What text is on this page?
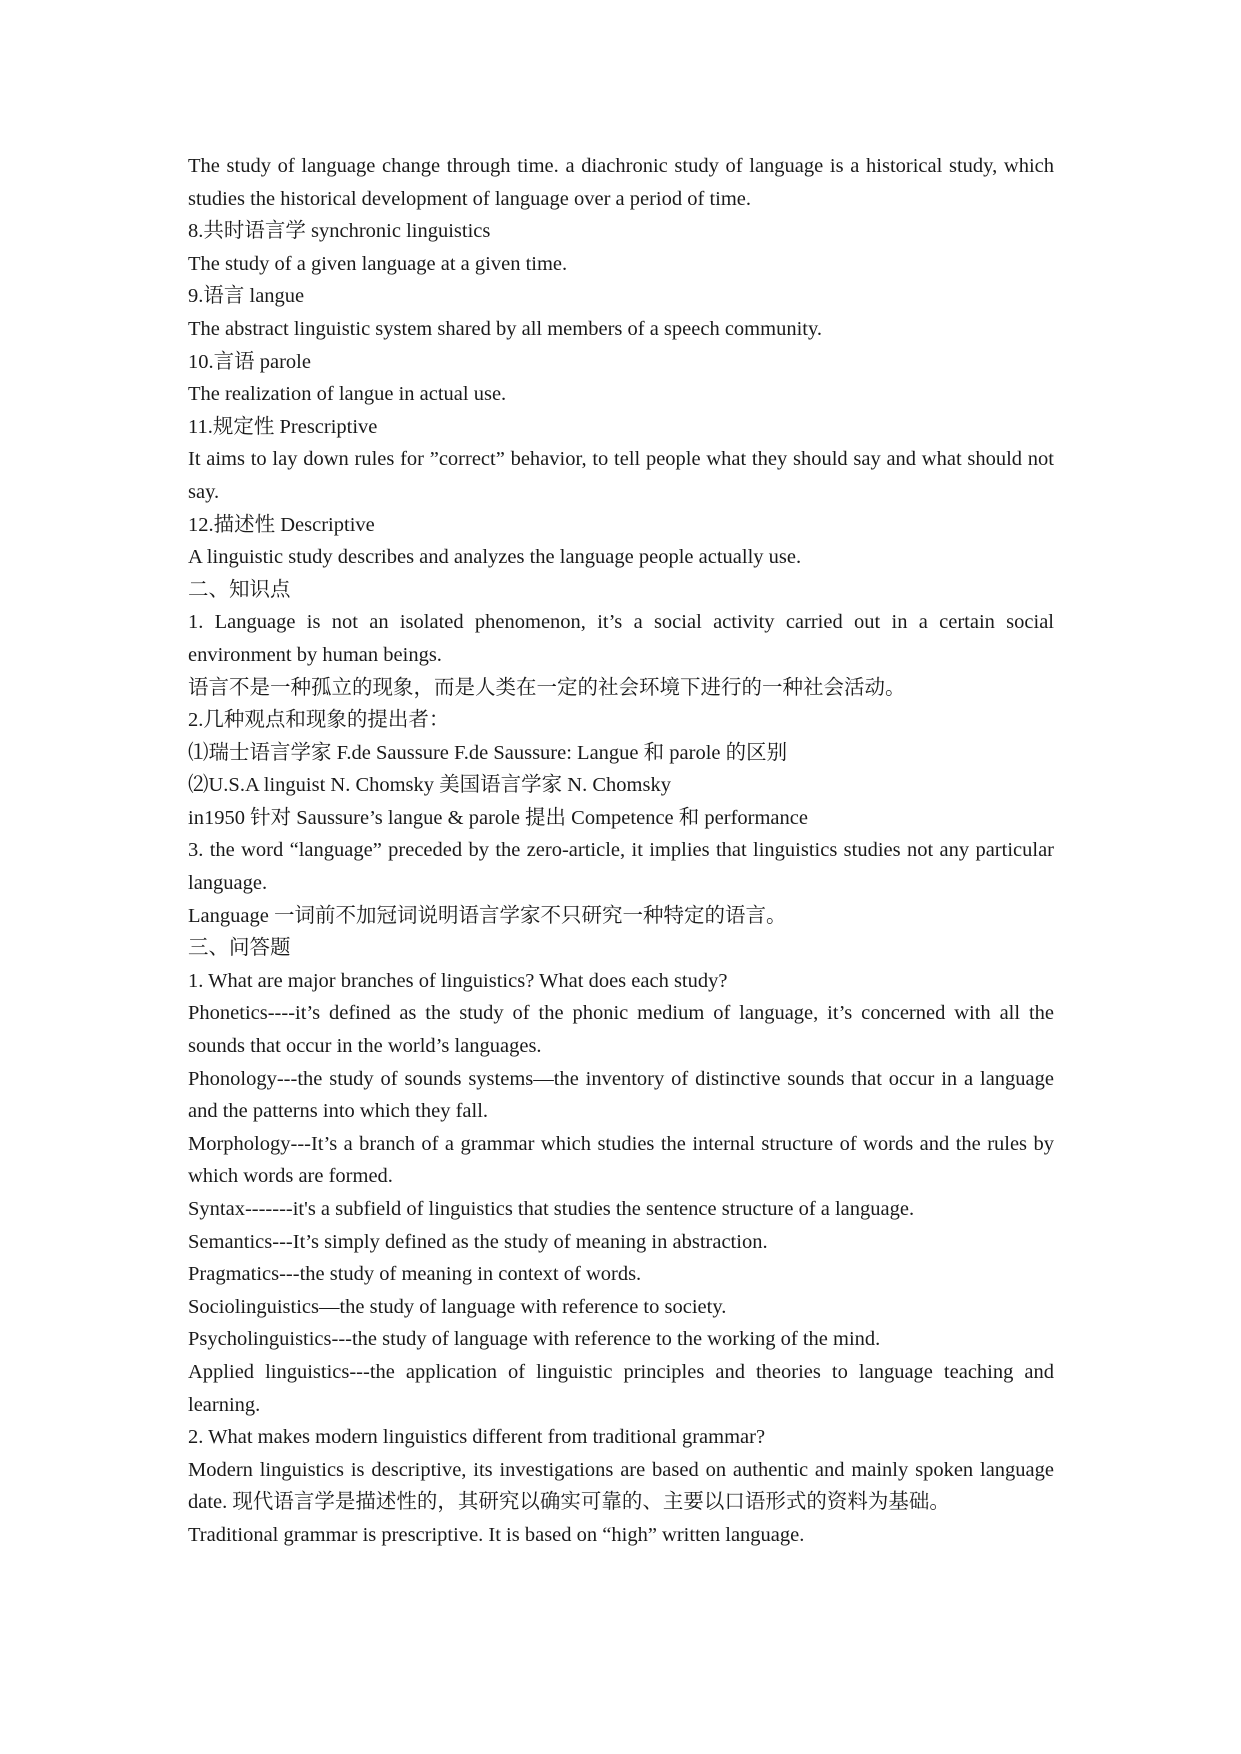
The study of language change through time. a diachronic study of language is a historical study, which studies the historical development of language over a period of time.

8.共时语言学 synchronic linguistics

The study of a given language at a given time.

9.语言 langue

The abstract linguistic system shared by all members of a speech community.

10.言语 parole

The realization of langue in actual use.

11.规定性 Prescriptive

It aims to lay down rules for ”correct” behavior, to tell people what they should say and what should not say.

12.描述性 Descriptive

A linguistic study describes and analyzes the language people actually use.

二、知识点

1. Language is not an isolated phenomenon, it’s a social activity carried out in a certain social environment by human beings.

语言不是一种孤立的现象，而是人类在一定的社会环境下进行的一种社会活动。

2.几种观点和现象的提出者：

⑴瑞士语言学家 F.de Saussure F.de Saussure: Langue 和 parole 的区别

⑵U.S.A linguist N. Chomsky 美国语言学家 N. Chomsky

in1950 针对 Saussure’s langue & parole 提出 Competence 和 performance

3. the word “language” preceded by the zero-article, it implies that linguistics studies not any particular language.

Language 一词前不加冠词说明语言学家不只研究一种特定的语言。

三、问答题

1. What are major branches of linguistics? What does each study?

Phonetics----it’s defined as the study of the phonic medium of language, it’s concerned with all the sounds that occur in the world’s languages.

Phonology---the study of sounds systems—the inventory of distinctive sounds that occur in a language and the patterns into which they fall.

Morphology---It’s a branch of a grammar which studies the internal structure of words and the rules by which words are formed.

Syntax-------it's a subfield of linguistics that studies the sentence structure of a language.

Semantics---It’s simply defined as the study of meaning in abstraction.

Pragmatics---the study of meaning in context of words.

Sociolinguistics—the study of language with reference to society.

Psycholinguistics---the study of language with reference to the working of the mind.

Applied linguistics---the application of linguistic principles and theories to language teaching and learning.

2. What makes modern linguistics different from traditional grammar?

Modern linguistics is descriptive, its investigations are based on authentic and mainly spoken language date. 现代语言学是描述性的，其研究以确实可靠的、主要以口语形式的资料为基础。

Traditional grammar is prescriptive. It is based on “high” written language.
